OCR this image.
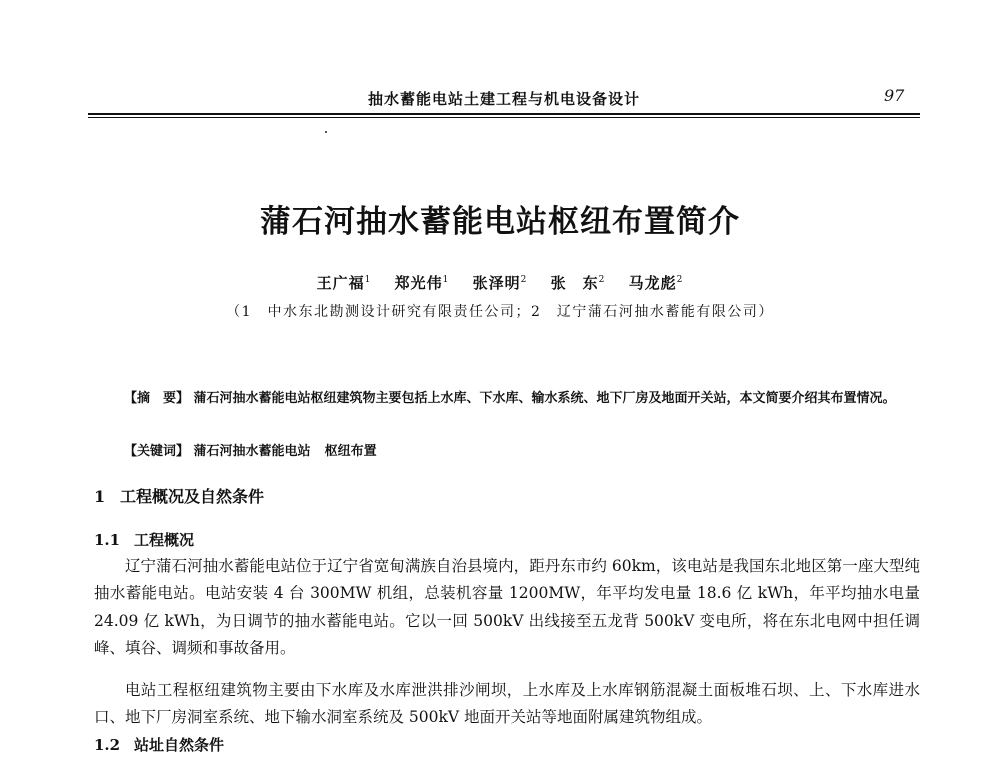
抽水蓄能电站土建工程与机电设备设计	97
蒲石河抽水蓄能电站枢纽布置简介
王广福$^1$ 郑光伟$^1$ 张泽明$^2$ 张　东$^2$ 马龙彪$^2$
（1　中水东北勘测设计研究有限责任公司；2　辽宁蒲石河抽水蓄能有限公司）
【摘　要】 蒲石河抽水蓄能电站枢纽建筑物主要包括上水库、下水库、输水系统、地下厂房及地面开关站，本文简要介绍其布置情况。
【关键词】 蒲石河抽水蓄能电站 枢纽布置
1 工程概况及自然条件
1.1 工程概况

辽宁蒲石河抽水蓄能电站位于辽宁省宽甸满族自治县境内，距丹东市约 60km，该电站是我国东北地区第一座大型纯抽水蓄能电站。电站安装 4 台 300MW 机组，总装机容量 1200MW，年平均发电量 18.6 亿 kWh，年平均抽水电量 24.09 亿 kWh，为日调节的抽水蓄能电站。它以一回 500kV 出线接至五龙背 500kV 变电所，将在东北电网中担任调峰、填谷、调频和事故备用。

电站工程枢纽建筑物主要由下水库及水库泄洪排沙闸坝，上水库及上水库钢筋混凝土面板堆石坝、上、下水库进水口、地下厂房洞室系统、地下输水洞室系统及 500kV 地面开关站等地面附属建筑物组成。

1.2 站址自然条件
